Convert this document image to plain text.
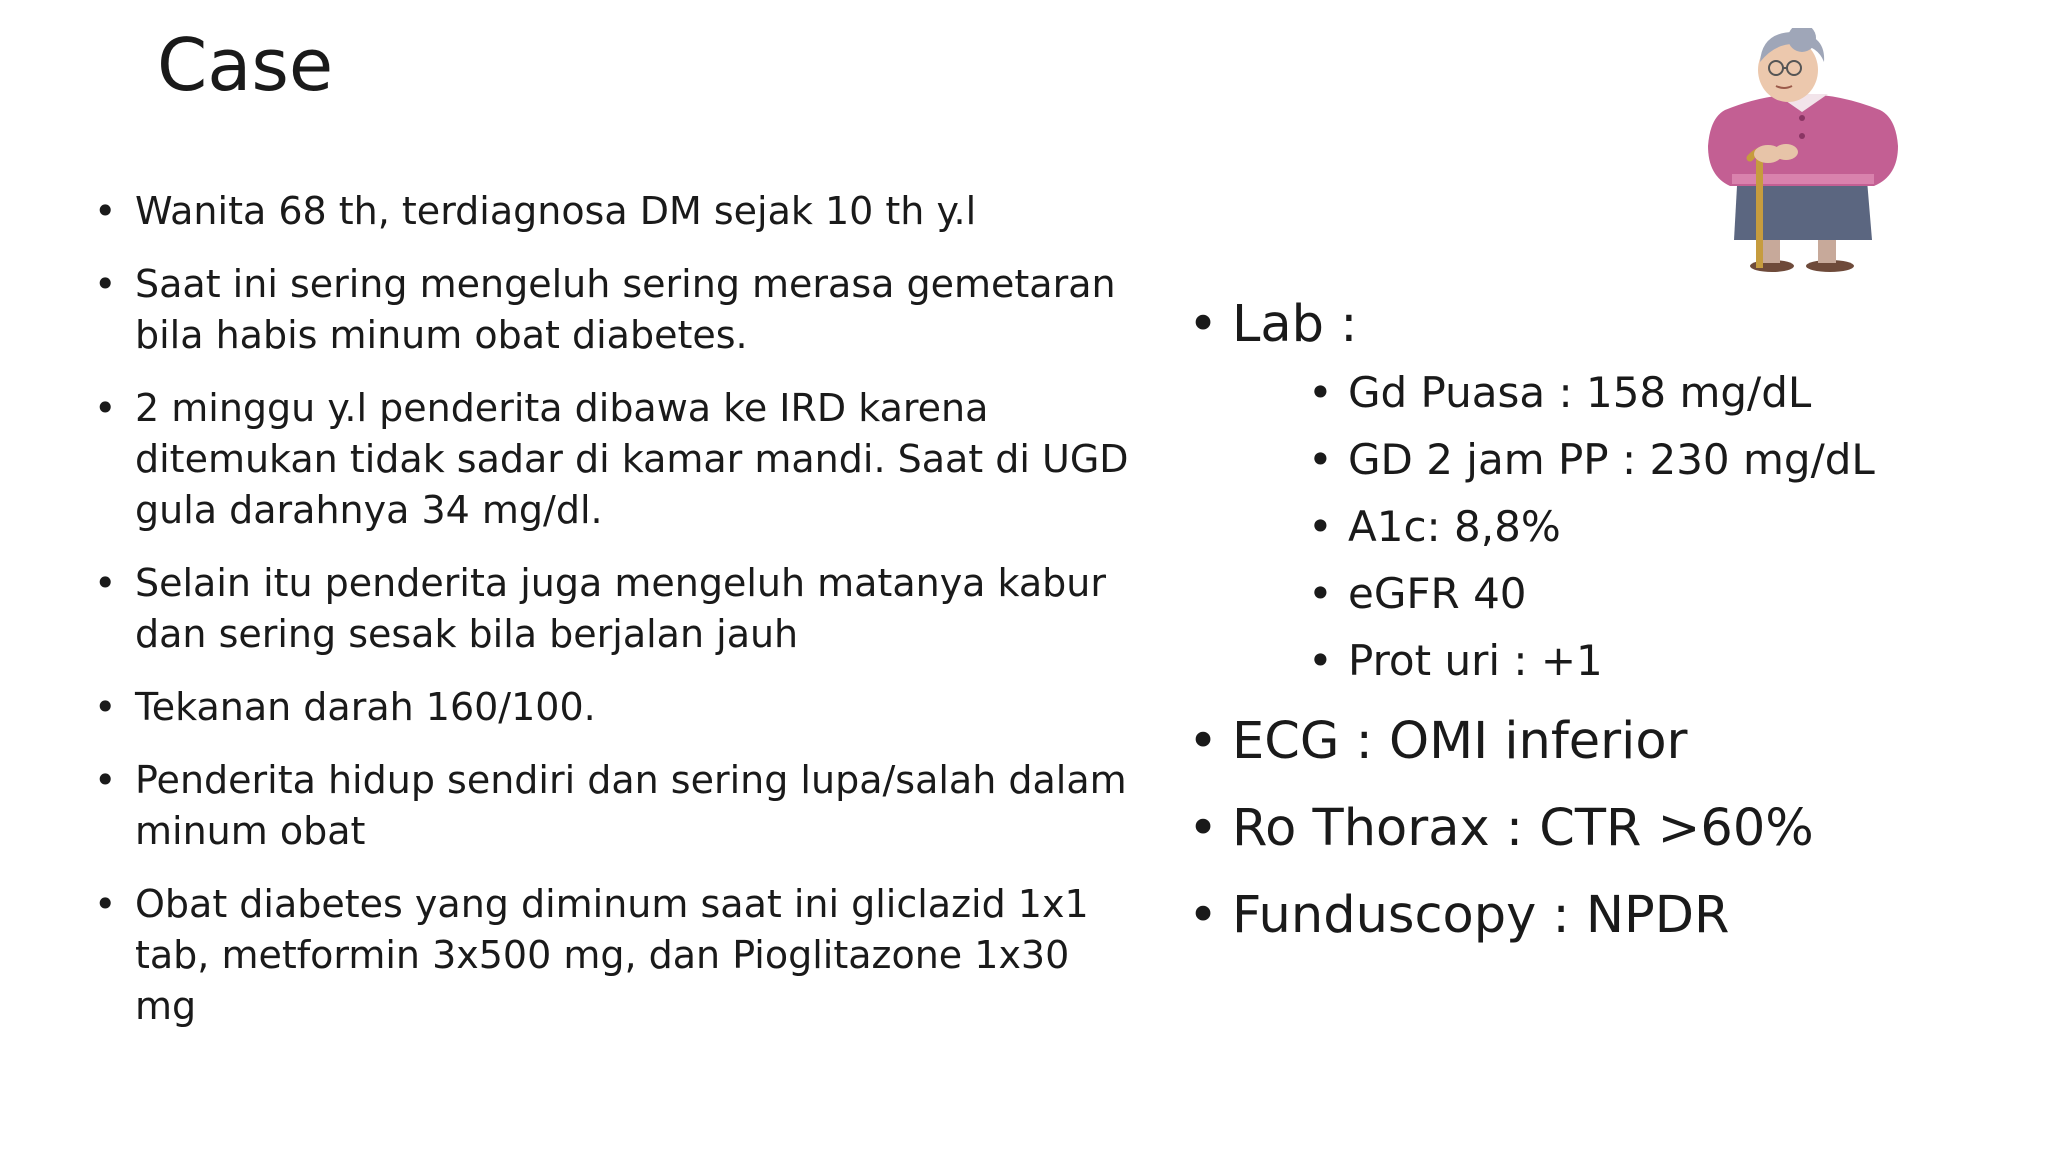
Case
• Wanita 68 th, terdiagnosa DM sejak 10 th y.l
• Saat ini sering mengeluh sering merasa gemetaran bila habis minum obat diabetes.
• 2 minggu y.l penderita dibawa ke IRD karena ditemukan tidak sadar di kamar mandi. Saat di UGD gula darahnya 34 mg/dl.
• Selain itu penderita juga mengeluh matanya kabur dan sering sesak bila berjalan jauh
• Tekanan darah 160/100.
• Penderita hidup sendiri dan sering lupa/salah dalam minum obat
• Obat diabetes yang diminum saat ini gliclazid 1x1 tab, metformin 3x500 mg, dan Pioglitazone 1x30 mg
• Lab :
• Gd Puasa : 158 mg/dL
• GD 2 jam PP : 230 mg/dL
• A1c: 8,8%
• eGFR 40
• Prot uri : +1
• ECG : OMI inferior
• Ro Thorax : CTR >60%
• Funduscopy : NPDR
